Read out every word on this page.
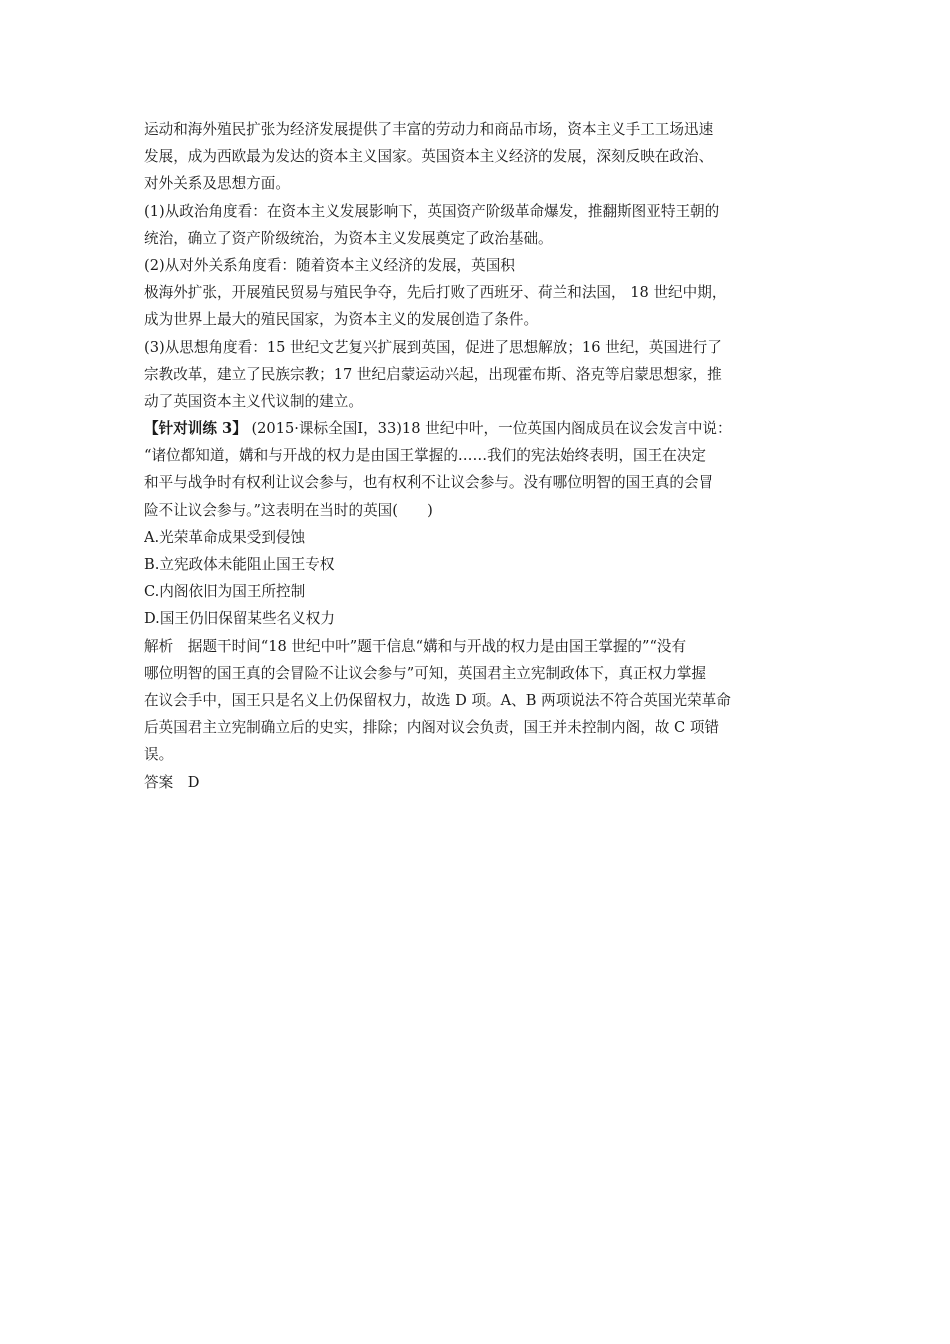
运动和海外殖民扩张为经济发展提供了丰富的劳动力和商品市场，资本主义手工工场迅速
发展，成为西欧最为发达的资本主义国家。英国资本主义经济的发展，深刻反映在政治、
对外关系及思想方面。
(1)从政治角度看：在资本主义发展影响下，英国资产阶级革命爆发，推翻斯图亚特王朝的
统治，确立了资产阶级统治，为资本主义发展奠定了政治基础。
(2)从对外关系角度看：随着资本主义经济的发展，英国积
极海外扩张，开展殖民贸易与殖民争夺，先后打败了西班牙、荷兰和法国， 18 世纪中期，
成为世界上最大的殖民国家，为资本主义的发展创造了条件。
(3)从思想角度看：15 世纪文艺复兴扩展到英国，促进了思想解放；16 世纪，英国进行了
宗教改革，建立了民族宗教；17 世纪启蒙运动兴起，出现霍布斯、洛克等启蒙思想家，推
动了英国资本主义代议制的建立。
【针对训练 3】 (2015·课标全国Ⅰ，33)18 世纪中叶，一位英国内阁成员在议会发言中说：
“诸位都知道，媾和与开战的权力是由国王掌握的……我们的宪法始终表明，国王在决定
和平与战争时有权利让议会参与，也有权利不让议会参与。没有哪位明智的国王真的会冒
险不让议会参与。”这表明在当时的英国(　　)
A.光荣革命成果受到侵蚀
B.立宪政体未能阻止国王专权
C.内阁依旧为国王所控制
D.国王仍旧保留某些名义权力
解析　据题干时间“18 世纪中叶”题干信息“媾和与开战的权力是由国王掌握的”“没有
哪位明智的国王真的会冒险不让议会参与”可知，英国君主立宪制政体下，真正权力掌握
在议会手中，国王只是名义上仍保留权力，故选 D 项。A、B 两项说法不符合英国光荣革命
后英国君主立宪制确立后的史实，排除；内阁对议会负责，国王并未控制内阁，故 C 项错
误。
答案　D
